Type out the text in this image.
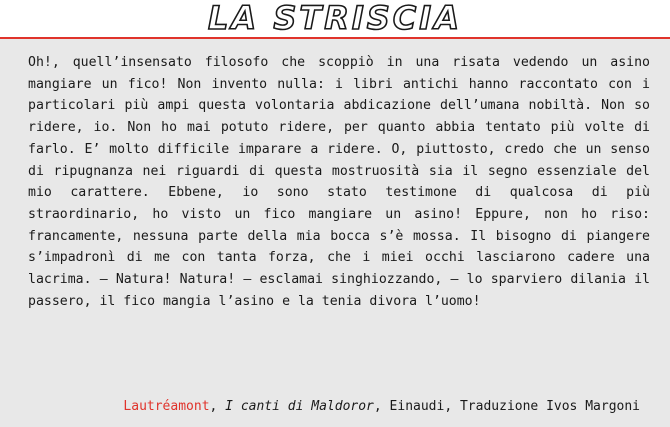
LA STRISCIA

Oh!, quell’insensato filosofo che scoppiò in una risata vedendo un asino mangiare un fico! Non invento nulla: i libri antichi hanno raccontato con i particolari più ampi questa volontaria abdicazione dell’umana nobiltà. Non so ridere, io. Non ho mai potuto ridere, per quanto abbia tentato più volte di farlo. E’ molto difficile imparare a ridere. O, piuttosto, credo che un senso di ripugnanza nei riguardi di questa mostruosità sia il segno essenziale del mio carattere. Ebbene, io sono stato testimone di qualcosa di più straordinario, ho visto un fico mangiare un asino! Eppure, non ho riso: francamente, nessuna parte della mia bocca s’è mossa. Il bisogno di piangere s’impadronì di me con tanta forza, che i miei occhi lasciarono cadere una lacrima. – Natura! Natura! – esclamai singhiozzando, – lo sparviero dilania il passero, il fico mangia l’asino e la tenia divora l’uomo!

Lautréamont, I canti di Maldoror, Einaudi, Traduzione Ivos Margoni
